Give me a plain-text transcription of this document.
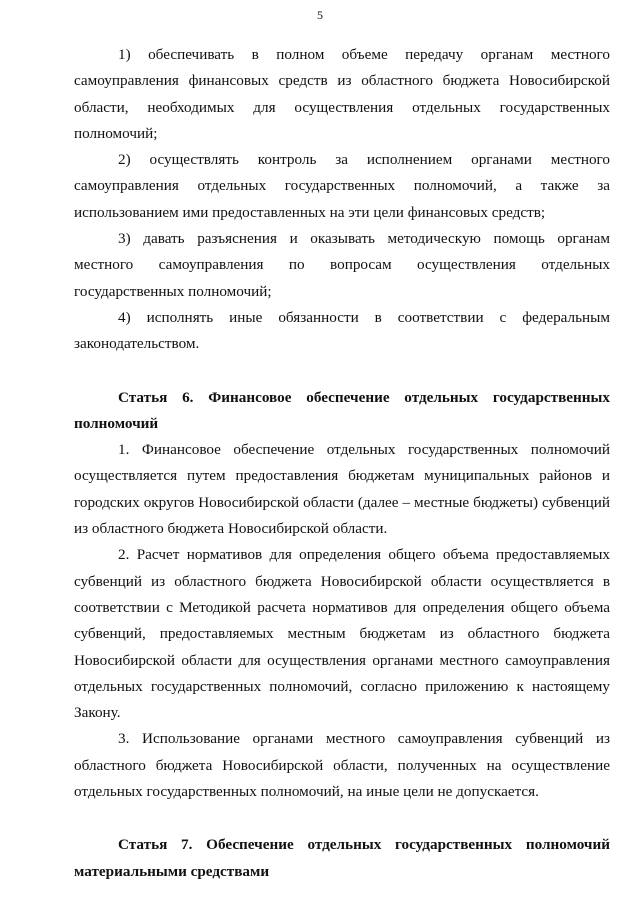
5

1) обеспечивать в полном объеме передачу органам местного самоуправления финансовых средств из областного бюджета Новосибирской области, необходимых для осуществления отдельных государственных полномочий;

2) осуществлять контроль за исполнением органами местного самоуправления отдельных государственных полномочий, а также за использованием ими предоставленных на эти цели финансовых средств;

3) давать разъяснения и оказывать методическую помощь органам местного самоуправления по вопросам осуществления отдельных государственных полномочий;

4) исполнять иные обязанности в соответствии с федеральным законодательством.

Статья 6. Финансовое обеспечение отдельных государственных полномочий

1. Финансовое обеспечение отдельных государственных полномочий осуществляется путем предоставления бюджетам муниципальных районов и городских округов Новосибирской области (далее – местные бюджеты) субвенций из областного бюджета Новосибирской области.

2. Расчет нормативов для определения общего объема предоставляемых субвенций из областного бюджета Новосибирской области осуществляется в соответствии с Методикой расчета нормативов для определения общего объема субвенций, предоставляемых местным бюджетам из областного бюджета Новосибирской области для осуществления органами местного самоуправления отдельных государственных полномочий, согласно приложению к настоящему Закону.

3. Использование органами местного самоуправления субвенций из областного бюджета Новосибирской области, полученных на осуществление отдельных государственных полномочий, на иные цели не допускается.

Статья 7. Обеспечение отдельных государственных полномочий материальными средствами
